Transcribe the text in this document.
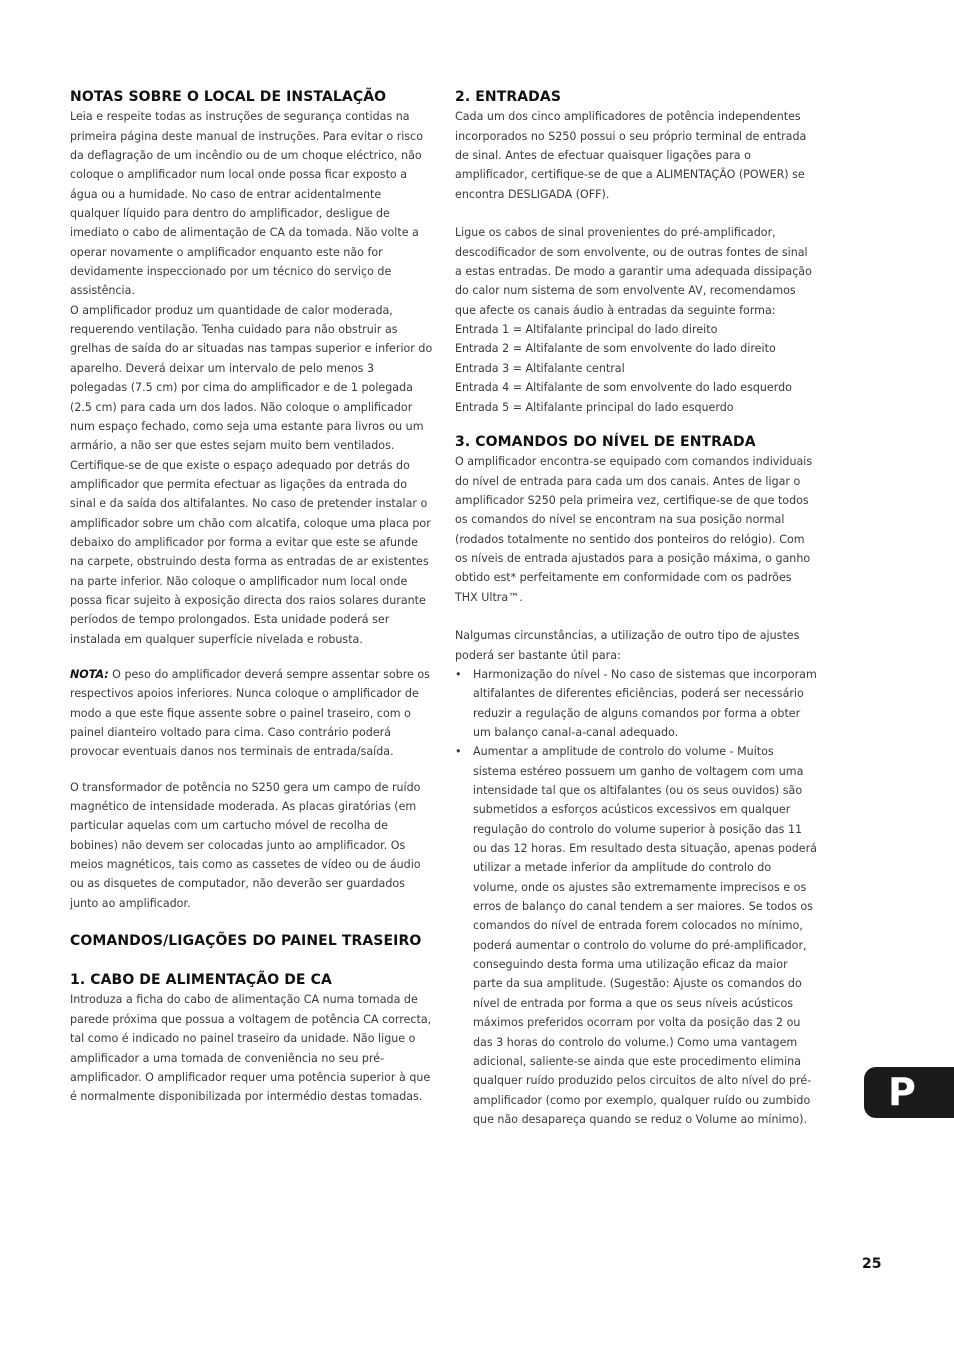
NOTAS SOBRE O LOCAL DE INSTALAÇÃO

Leia e respeite todas as instruções de segurança contidas na primeira página deste manual de instruções. Para evitar o risco da deflagração de um incêndio ou de um choque eléctrico, não coloque o amplificador num local onde possa ficar exposto a água ou a humidade. No caso de entrar acidentalmente qualquer líquido para dentro do amplificador, desligue de imediato o cabo de alimentação de CA da tomada. Não volte a operar novamente o amplificador enquanto este não for devidamente inspeccionado por um técnico do serviço de assistência.

O amplificador produz um quantidade de calor moderada, requerendo ventilação. Tenha cuidado para não obstruir as grelhas de saída do ar situadas nas tampas superior e inferior do aparelho. Deverá deixar um intervalo de pelo menos 3 polegadas (7.5 cm) por cima do amplificador e de 1 polegada (2.5 cm) para cada um dos lados. Não coloque o amplificador num espaço fechado, como seja uma estante para livros ou um armário, a não ser que estes sejam muito bem ventilados. Certifique-se de que existe o espaço adequado por detrás do amplificador que permita efectuar as ligações da entrada do sinal e da saída dos altifalantes. No caso de pretender instalar o amplificador sobre um chão com alcatifa, coloque uma placa por debaixo do amplificador por forma a evitar que este se afunde na carpete, obstruindo desta forma as entradas de ar existentes na parte inferior. Não coloque o amplificador num local onde possa ficar sujeito à exposição directa dos raios solares durante períodos de tempo prolongados. Esta unidade poderá ser instalada em qualquer superfície nivelada e robusta.

NOTA: O peso do amplificador deverá sempre assentar sobre os respectivos apoios inferiores. Nunca coloque o amplificador de modo a que este fique assente sobre o painel traseiro, com o painel dianteiro voltado para cima. Caso contrário poderá provocar eventuais danos nos terminais de entrada/saída.

O transformador de potência no S250 gera um campo de ruído magnético de intensidade moderada. As placas giratórias (em particular aquelas com um cartucho móvel de recolha de bobines) não devem ser colocadas junto ao amplificador. Os meios magnéticos, tais como as cassetes de vídeo ou de áudio ou as disquetes de computador, não deverão ser guardados junto ao amplificador.

COMANDOS/LIGAÇÕES DO PAINEL TRASEIRO
1. CABO DE ALIMENTAÇÃO DE CA

Introduza a ficha do cabo de alimentação CA numa tomada de parede próxima que possua a voltagem de potência CA correcta, tal como é indicado no painel traseiro da unidade. Não ligue o amplificador a uma tomada de conveniência no seu pré-amplificador. O amplificador requer uma potência superior à que é normalmente disponibilizada por intermédio destas tomadas.

2. ENTRADAS

Cada um dos cinco amplificadores de potência independentes incorporados no S250 possui o seu próprio terminal de entrada de sinal. Antes de efectuar quaisquer ligações para o amplificador, certifique-se de que a ALIMENTAÇÃO (POWER) se encontra DESLIGADA (OFF).

Ligue os cabos de sinal provenientes do pré-amplificador, descodificador de som envolvente, ou de outras fontes de sinal a estas entradas. De modo a garantir uma adequada dissipação do calor num sistema de som envolvente AV, recomendamos que afecte os canais áudio à entradas da seguinte forma:

Entrada 1 = Altifalante principal do lado direito

Entrada 2 = Altifalante de som envolvente do lado direito

Entrada 3 = Altifalante central

Entrada 4 = Altifalante de som envolvente do lado esquerdo

Entrada 5 = Altifalante principal do lado esquerdo

3. COMANDOS DO NÍVEL DE ENTRADA

O amplificador encontra-se equipado com comandos individuais do nível de entrada para cada um dos canais. Antes de ligar o amplificador S250 pela primeira vez, certifique-se de que todos os comandos do nível se encontram na sua posição normal (rodados totalmente no sentido dos ponteiros do relógio). Com os níveis de entrada ajustados para a posição máxima, o ganho obtido est* perfeitamente em conformidade com os padrões THX Ultra™.

Nalgumas circunstâncias, a utilização de outro tipo de ajustes poderá ser bastante útil para:

• Harmonização do nível - No caso de sistemas que incorporam altifalantes de diferentes eficiências, poderá ser necessário reduzir a regulação de alguns comandos por forma a obter um balanço canal-a-canal adequado.
• Aumentar a amplitude de controlo do volume - Muitos sistema estéreo possuem um ganho de voltagem com uma intensidade tal que os altifalantes (ou os seus ouvidos) são submetidos a esforços acústicos excessivos em qualquer regulação do controlo do volume superior à posição das 11 ou das 12 horas. Em resultado desta situação, apenas poderá utilizar a metade inferior da amplitude do controlo do volume, onde os ajustes são extremamente imprecisos e os erros de balanço do canal tendem a ser maiores. Se todos os comandos do nível de entrada forem colocados no mínimo, poderá aumentar o controlo do volume do pré-amplificador, conseguindo desta forma uma utilização eficaz da maior parte da sua amplitude. (Sugestão: Ajuste os comandos do nível de entrada por forma a que os seus níveis acústicos máximos preferidos ocorram por volta da posição das 2 ou das 3 horas do controlo do volume.) Como uma vantagem adicional, saliente-se ainda que este procedimento elimina qualquer ruído produzido pelos circuitos de alto nível do pré-amplificador (como por exemplo, qualquer ruído ou zumbido que não desapareça quando se reduz o Volume ao mínimo).
P
25
